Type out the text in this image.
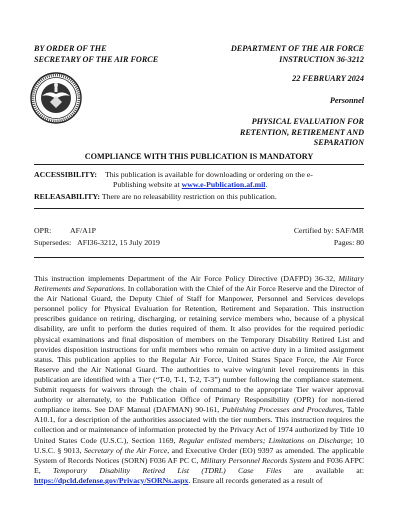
BY ORDER OF THE
SECRETARY OF THE AIR FORCE
DEPARTMENT OF THE AIR FORCE
INSTRUCTION 36-3212
22 FEBRUARY 2024
Personnel
PHYSICAL EVALUATION FOR
RETENTION, RETIREMENT AND
SEPARATION
COMPLIANCE WITH THIS PUBLICATION IS MANDATORY
ACCESSIBILITY: This publication is available for downloading or ordering on the e-
Publishing website at www.e-Publication.af.mil.
RELEASABILITY: There are no releasability restriction on this publication.
OPR: AF/A1P
Supersedes: AFI36-3212, 15 July 2019
Certified by: SAF/MR
Pages: 80
This instruction implements Department of the Air Force Policy Directive (DAFPD) 36-32, Military Retirements and Separations. In collaboration with the Chief of the Air Force Reserve and the Director of the Air National Guard, the Deputy Chief of Staff for Manpower, Personnel and Services develops personnel policy for Physical Evaluation for Retention, Retirement and Separation. This instruction prescribes guidance on retiring, discharging, or retaining service members who, because of a physical disability, are unfit to perform the duties required of them. It also provides for the required periodic physical examinations and final disposition of members on the Temporary Disability Retired List and provides disposition instructions for unfit members who remain on active duty in a limited assignment status. This publication applies to the Regular Air Force, United States Space Force, the Air Force Reserve and the Air National Guard. The authorities to waive wing/unit level requirements in this publication are identified with a Tier (“T-0, T-1, T-2, T-3”) number following the compliance statement. Submit requests for waivers through the chain of command to the appropriate Tier waiver approval authority or alternately, to the Publication Office of Primary Responsibility (OPR) for non-tiered compliance items. See DAF Manual (DAFMAN) 90-161, Publishing Processes and Procedures, Table A10.1, for a description of the authorities associated with the tier numbers. This instruction requires the collection and or maintenance of information protected by the Privacy Act of 1974 authorized by Title 10 United States Code (U.S.C.), Section 1169, Regular enlisted members; Limitations on Discharge; 10 U.S.C. § 9013, Secretary of the Air Force, and Executive Order (EO) 9397 as amended. The applicable System of Records Notices (SORN) F036 AF PC C, Military Personnel Records System and F036 AFPC E, Temporary Disability Retired List (TDRL) Case Files are available at: https://dpcld.defense.gov/Privacy/SORNs.aspx. Ensure all records generated as a result of
